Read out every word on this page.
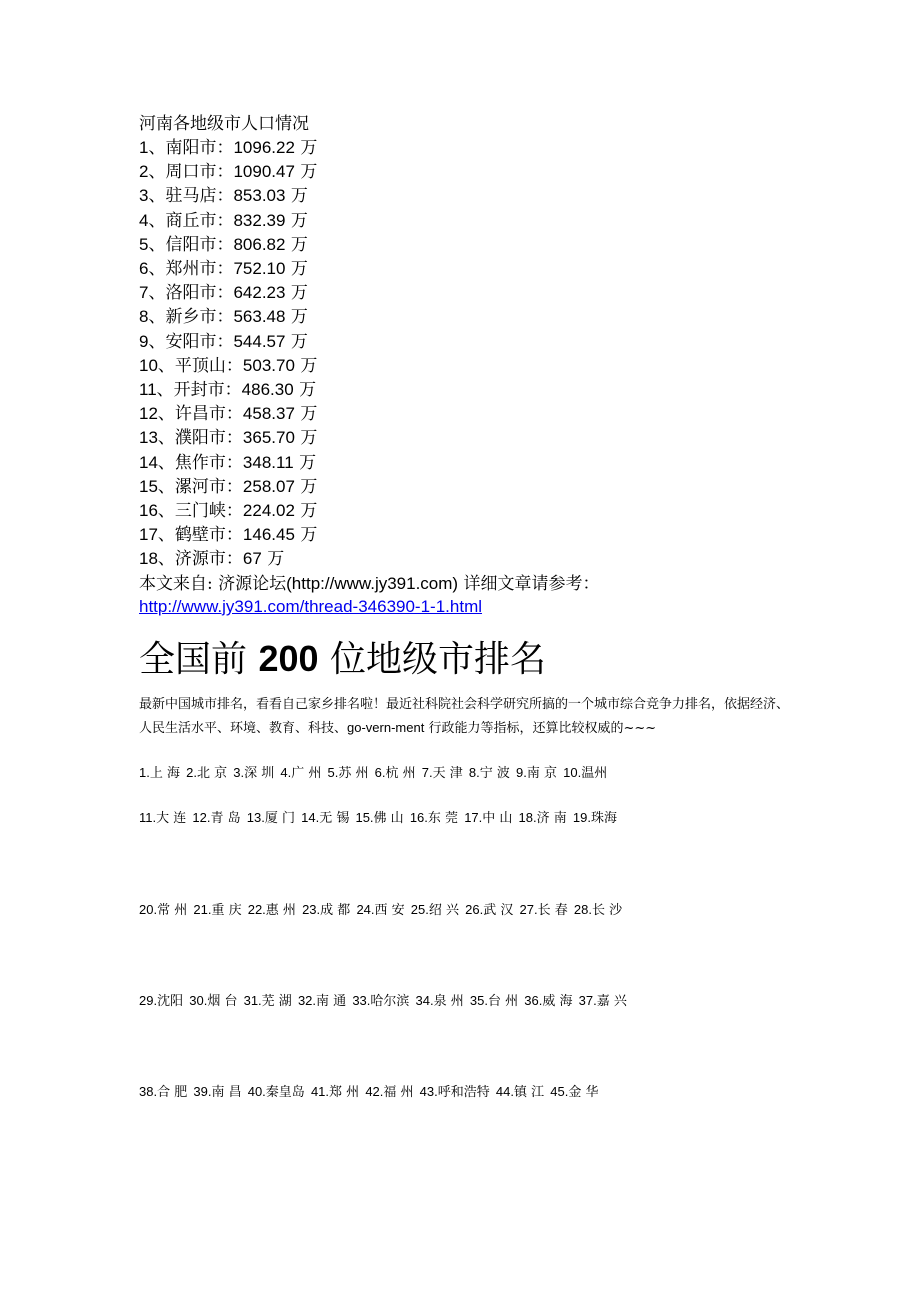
河南各地级市人口情况

1、南阳市：1096.22 万
2、周口市：1090.47 万
3、驻马店：853.03 万
4、商丘市：832.39 万
5、信阳市：806.82 万
6、郑州市：752.10 万
7、洛阳市：642.23 万
8、新乡市：563.48 万
9、安阳市：544.57 万
10、平顶山：503.70 万
11、开封市：486.30 万
12、许昌市：458.37 万
13、濮阳市：365.70 万
14、焦作市：348.11 万
15、漯河市：258.07 万
16、三门峡：224.02 万
17、鹤壁市：146.45 万
18、济源市：67 万
本文来自: 济源论坛(http://www.jy391.com) 详细文章请参考：
http://www.jy391.com/thread-346390-1-1.html
全国前 200 位地级市排名
最新中国城市排名，看看自己家乡排名啦！最近社科院社会科学研究所搞的一个城市综合竞争力排名，依据经济、人民生活水平、环境、教育、科技、go-vern-ment 行政能力等指标，还算比较权威的~~~
1.上 海 2.北 京 3.深 圳 4.广 州 5.苏 州 6.杭 州 7.天 津 8.宁 波 9.南 京 10.温州
11.大 连 12.青 岛 13.厦 门 14.无 锡 15.佛 山 16.东 莞 17.中 山 18.济 南 19.珠海
20.常 州 21.重 庆 22.惠 州 23.成 都 24.西 安 25.绍 兴 26.武 汉 27.长 春 28.长 沙
29.沈阳 30.烟 台 31.芜 湖 32.南 通 33.哈尔滨 34.泉 州 35.台 州 36.威 海 37.嘉 兴
38.合 肥 39.南 昌 40.秦皇岛 41.郑 州 42.福 州 43.呼和浩特 44.镇 江 45.金 华
